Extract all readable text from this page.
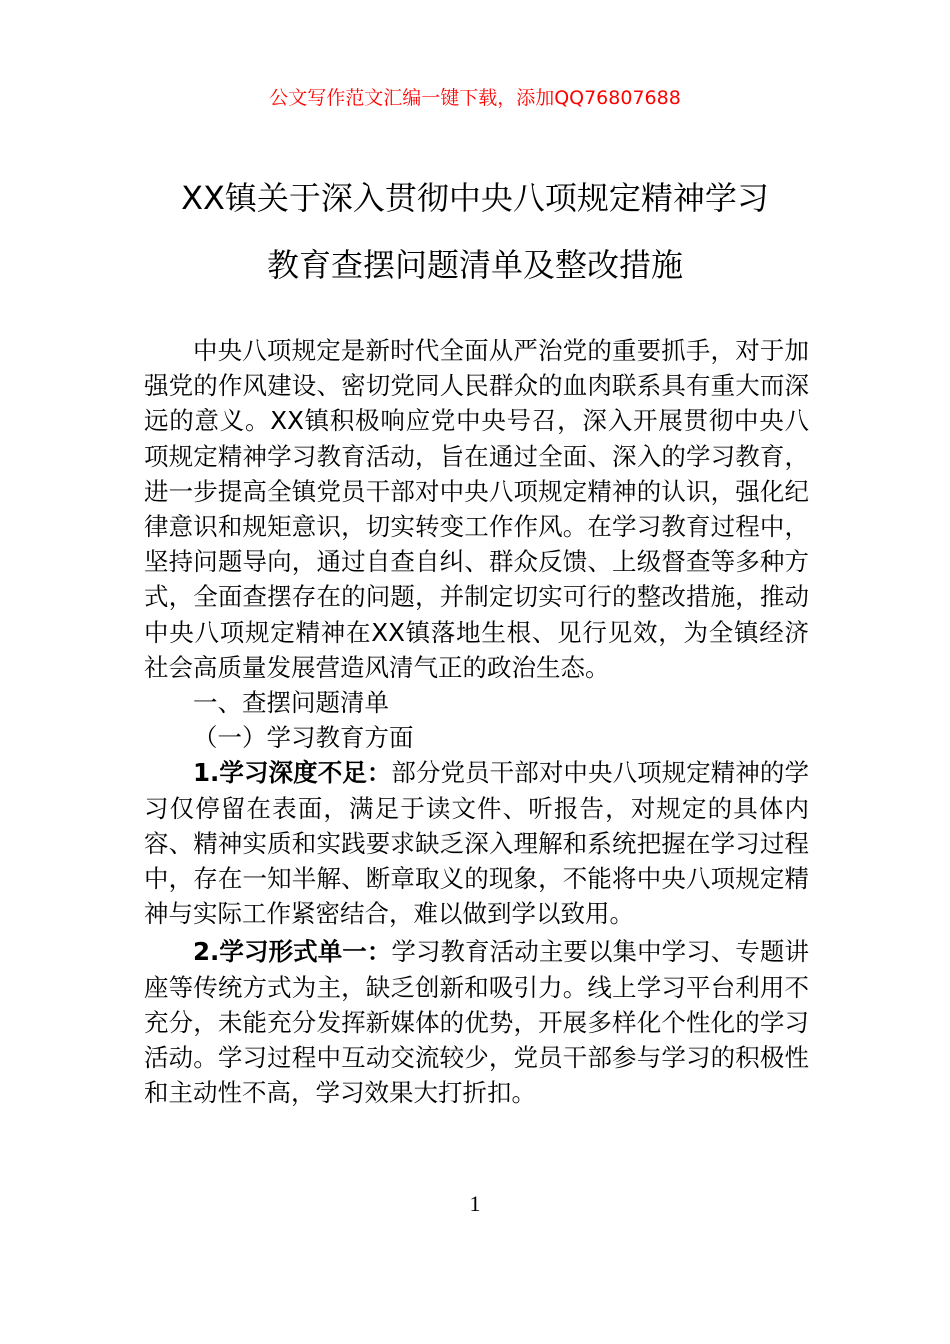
公文写作范文汇编一键下载，添加QQ76807688
XX镇关于深入贯彻中央八项规定精神学习
教育查摆问题清单及整改措施

中央八项规定是新时代全面从严治党的重要抓手，对于加强党的作风建设、密切党同人民群众的血肉联系具有重大而深远的意义。XX镇积极响应党中央号召，深入开展贯彻中央八项规定精神学习教育活动，旨在通过全面、深入的学习教育，进一步提高全镇党员干部对中央八项规定精神的认识，强化纪律意识和规矩意识，切实转变工作作风。在学习教育过程中，坚持问题导向，通过自查自纠、群众反馈、上级督查等多种方式，全面查摆存在的问题，并制定切实可行的整改措施，推动中央八项规定精神在XX镇落地生根、见行见效，为全镇经济社会高质量发展营造风清气正的政治生态。

一、查摆问题清单

（一）学习教育方面

1.学习深度不足：部分党员干部对中央八项规定精神的学习仅停留在表面，满足于读文件、听报告，对规定的具体内容、精神实质和实践要求缺乏深入理解和系统把握在学习过程中，存在一知半解、断章取义的现象，不能将中央八项规定精神与实际工作紧密结合，难以做到学以致用。

2.学习形式单一：学习教育活动主要以集中学习、专题讲座等传统方式为主，缺乏创新和吸引力。线上学习平台利用不充分，未能充分发挥新媒体的优势，开展多样化个性化的学习活动。学习过程中互动交流较少，党员干部参与学习的积极性和主动性不高，学习效果大打折扣。

1
